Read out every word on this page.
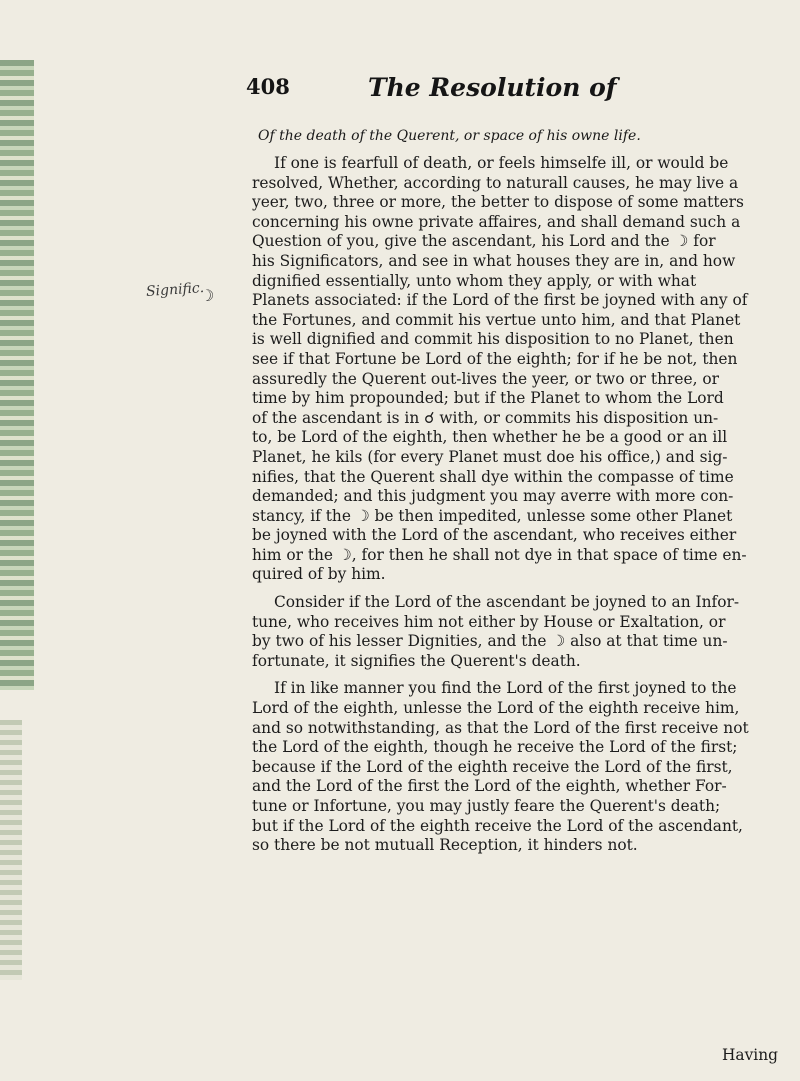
Signific.
☽
408	The Resolution of
Of the death of the Querent, or space of his owne life.
If one is fearfull of death, or feels himselfe ill, or would be
resolved, Whether, according to naturall causes, he may live a
yeer, two, three or more, the better to dispose of some matters
concerning his owne private affaires, and shall demand such a
Question of you, give the ascendant, his Lord and the ☽ for
his Significators, and see in what houses they are in, and how
dignified essentially, unto whom they apply, or with what
Planets associated: if the Lord of the first be joyned with any of
the Fortunes, and commit his vertue unto him, and that Planet
is well dignified and commit his disposition to no Planet, then
see if that Fortune be Lord of the eighth; for if he be not, then
assuredly the Querent out-lives the yeer, or two or three, or
time by him propounded; but if the Planet to whom the Lord
of the ascendant is in ☌ with, or commits his disposition un-
to, be Lord of the eighth, then whether he be a good or an ill
Planet, he kils (for every Planet must doe his office,) and sig-
nifies, that the Querent shall dye within the compasse of time
demanded; and this judgment you may averre with more con-
stancy, if the ☽ be then impedited, unlesse some other Planet
be joyned with the Lord of the ascendant, who receives either
him or the ☽, for then he shall not dye in that space of time en-
quired of by him.
Consider if the Lord of the ascendant be joyned to an Infor-
tune, who receives him not either by House or Exaltation, or
by two of his lesser Dignities, and the ☽ also at that time un-
fortunate, it signifies the Querent's death.
If in like manner you find the Lord of the first joyned to the
Lord of the eighth, unlesse the Lord of the eighth receive him,
and so notwithstanding, as that the Lord of the first receive not
the Lord of the eighth, though he receive the Lord of the first;
because if the Lord of the eighth receive the Lord of the first,
and the Lord of the first the Lord of the eighth, whether For-
tune or Infortune, you may justly feare the Querent's death;
but if the Lord of the eighth receive the Lord of the ascendant,
so there be not mutuall Reception, it hinders not.
Having
